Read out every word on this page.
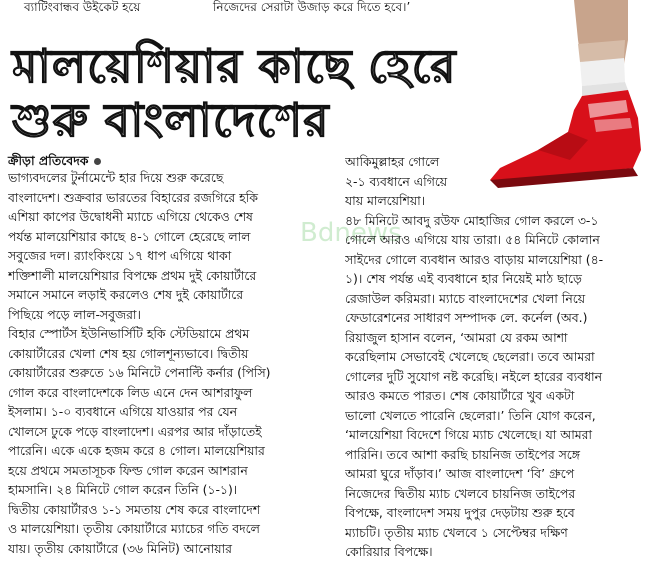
ব্যাটিংবান্ধব উইকেট হয়ে	নিজেদের সেরাটা উজাড় করে দিতে হবে।’
মালয়েশিয়ার কাছে হেরে
শুরু বাংলাদেশের
ক্রীড়া প্রতিবেদক
Bdnews
ভাগ্যবদলের টুর্নামেন্টে হার দিয়ে শুরু করেছে
বাংলাদেশ। শুক্রবার ভারতের বিহারের রজগিরে হকি
এশিয়া কাপের উদ্বোধনী ম্যাচে এগিয়ে থেকেও শেষ
পর্যন্ত মালয়েশিয়ার কাছে ৪-১ গোলে হেরেছে লাল
সবুজের দল। র‍্যাংকিংয়ে ১৭ ধাপ এগিয়ে থাকা
শক্তিশালী মালয়েশিয়ার বিপক্ষে প্রথম দুই কোয়ার্টারে
সমানে সমানে লড়াই করলেও শেষ দুই কোয়ার্টারে
পিছিয়ে পড়ে লাল-সবুজরা।
বিহার স্পোর্টস ইউনিভার্সিটি হকি স্টেডিয়ামে প্রথম
কোয়ার্টারের খেলা শেষ হয় গোলশূন্যভাবে। দ্বিতীয়
কোয়ার্টারের শুরুতে ১৬ মিনিটে পেনাল্টি কর্নার (পিসি)
গোল করে বাংলাদেশকে লিড এনে দেন আশরাফুল
ইসলাম। ১-০ ব্যবধানে এগিয়ে যাওয়ার পর যেন
খোলসে ঢুকে পড়ে বাংলাদেশ। এরপর আর দাঁড়াতেই
পারেনি। একে একে হজম করে ৪ গোল। মালয়েশিয়ার
হয়ে প্রথমে সমতাসূচক ফিল্ড গোল করেন আশরান
হামসানি। ২৪ মিনিটে গোল করেন তিনি (১-১)।
দ্বিতীয় কোয়ার্টারও ১-১ সমতায় শেষ করে বাংলাদেশ
ও মালয়েশিয়া। তৃতীয় কোয়ার্টারে ম্যাচের গতি বদলে
যায়। তৃতীয় কোয়ার্টারে (৩৬ মিনিট) আনোয়ার
আকিমুল্লাহর গোলে
২-১ ব্যবধানে এগিয়ে
যায় মালয়েশিয়া।
৪৮ মিনিটে আবদু রউফ মোহাজির গোল করলে ৩-১
গোলে আরও এগিয়ে যায় তারা। ৫৪ মিনিটে কোলান
সাইদের গোলে ব্যবধান আরও বাড়ায় মালয়েশিয়া (৪-
১)। শেষ পর্যন্ত এই ব্যবধানে হার নিয়েই মাঠ ছাড়ে
রেজাউল করিমরা। ম্যাচে বাংলাদেশের খেলা নিয়ে
ফেডারেশনের সাধারণ সম্পাদক লে. কর্নেল (অব.)
রিয়াজুল হাসান বলেন, ‘আমরা যে রকম আশা
করেছিলাম সেভাবেই খেলেছে ছেলেরা। তবে আমরা
গোলের দুটি সুযোগ নষ্ট করেছি। নইলে হারের ব্যবধান
আরও কমতে পারত। শেষ কোয়ার্টারে খুব একটা
ভালো খেলতে পারেনি ছেলেরা।’ তিনি যোগ করেন,
‘মালয়েশিয়া বিদেশে গিয়ে ম্যাচ খেলেছে। যা আমরা
পারিনি। তবে আশা করছি চায়নিজ তাইপের সঙ্গে
আমরা ঘুরে দাঁড়াব।’ আজ বাংলাদেশ ‘বি’ গ্রুপে
নিজেদের দ্বিতীয় ম্যাচ খেলবে চায়নিজ তাইপের
বিপক্ষে, বাংলাদেশ সময় দুপুর দেড়টায় শুরু হবে
ম্যাচটি। তৃতীয় ম্যাচ খেলবে ১ সেপ্টেম্বর দক্ষিণ
কোরিয়ার বিপক্ষে।
